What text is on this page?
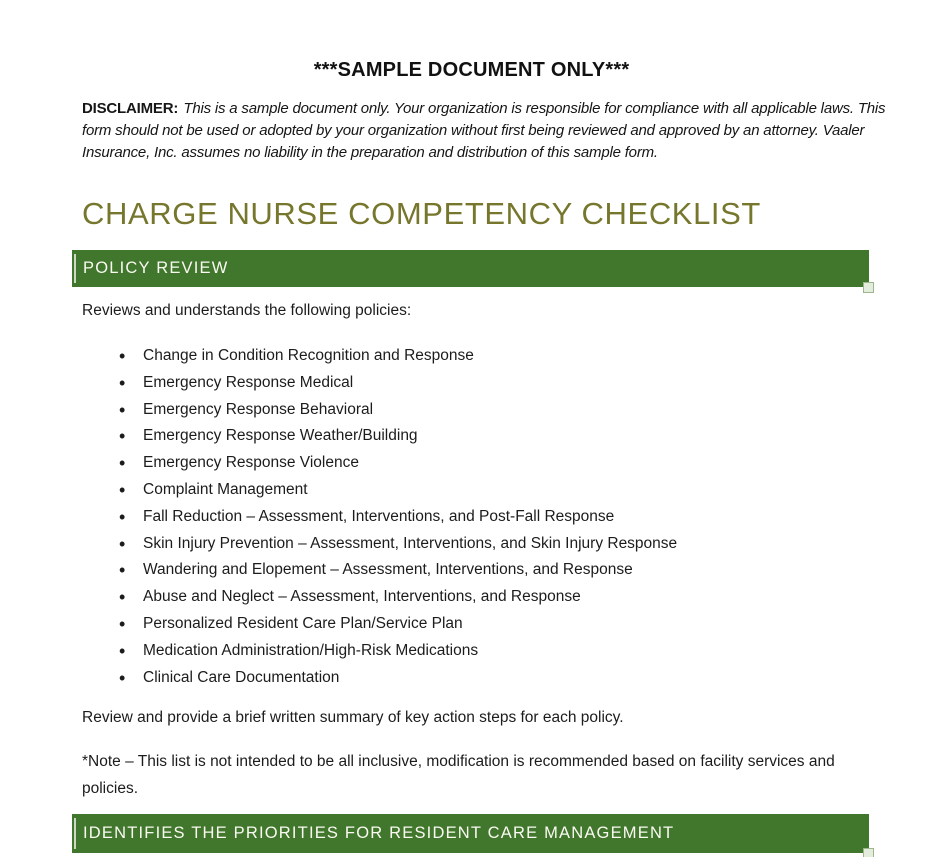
***SAMPLE DOCUMENT ONLY***

DISCLAIMER: This is a sample document only. Your organization is responsible for compliance with all applicable laws. This form should not be used or adopted by your organization without first being reviewed and approved by an attorney. Vaaler Insurance, Inc. assumes no liability in the preparation and distribution of this sample form.

CHARGE NURSE COMPETENCY CHECKLIST
POLICY REVIEW

Reviews and understands the following policies:

• Change in Condition Recognition and Response
• Emergency Response Medical
• Emergency Response Behavioral
• Emergency Response Weather/Building
• Emergency Response Violence
• Complaint Management
• Fall Reduction – Assessment, Interventions, and Post-Fall Response
• Skin Injury Prevention – Assessment, Interventions, and Skin Injury Response
• Wandering and Elopement – Assessment, Interventions, and Response
• Abuse and Neglect – Assessment, Interventions, and Response
• Personalized Resident Care Plan/Service Plan
• Medication Administration/High-Risk Medications
• Clinical Care Documentation

Review and provide a brief written summary of key action steps for each policy.

*Note – This list is not intended to be all inclusive, modification is recommended based on facility services and policies.

IDENTIFIES THE PRIORITIES FOR RESIDENT CARE MANAGEMENT
